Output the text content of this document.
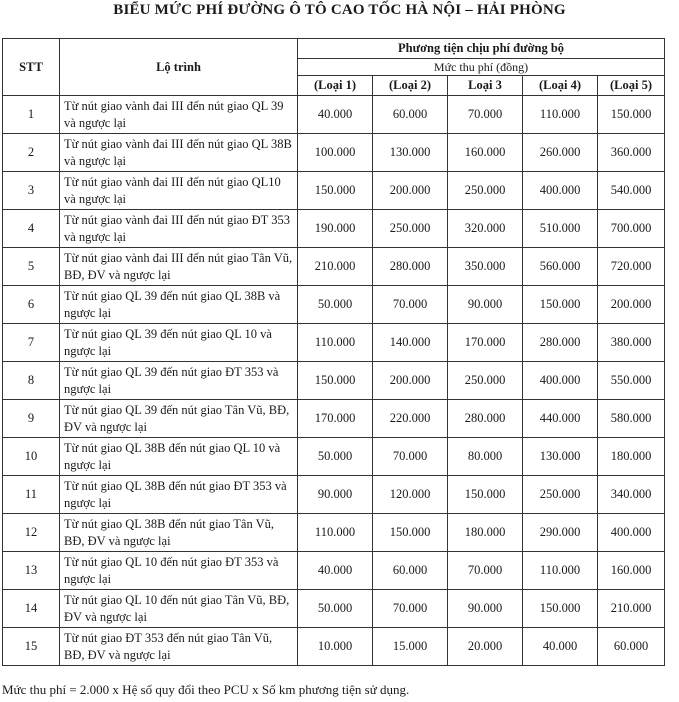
BIỂU MỨC PHÍ ĐƯỜNG Ô TÔ CAO TỐC HÀ NỘI – HẢI PHÒNG
STT	Lộ trình	Phương tiện chịu phí đường bộ				
		Mức thu phí (đồng)				
		(Loại 1)	(Loại 2)	Loại 3	(Loại 4)	(Loại 5)
1	Từ nút giao vành đai III đến nút giao QL 39 và ngược lại	40.000	60.000	70.000	110.000	150.000
2	Từ nút giao vành đai III đến nút giao QL 38B và ngược lại	100.000	130.000	160.000	260.000	360.000
3	Từ nút giao vành đai III đến nút giao QL10 và ngược lại	150.000	200.000	250.000	400.000	540.000
4	Từ nút giao vành đai III đến nút giao ĐT 353 và ngược lại	190.000	250.000	320.000	510.000	700.000
5	Từ nút giao vành đai III đến nút giao Tân Vũ, BĐ, ĐV và ngược lại	210.000	280.000	350.000	560.000	720.000
6	Từ nút giao QL 39 đến nút giao QL 38B và ngược lại	50.000	70.000	90.000	150.000	200.000
7	Từ nút giao QL 39 đến nút giao QL 10 và ngược lại	110.000	140.000	170.000	280.000	380.000
8	Từ nút giao QL 39 đến nút giao ĐT 353 và ngược lại	150.000	200.000	250.000	400.000	550.000
9	Từ nút giao QL 39 đến nút giao Tân Vũ, BĐ, ĐV và ngược lại	170.000	220.000	280.000	440.000	580.000
10	Từ nút giao QL 38B đến nút giao QL 10 và ngược lại	50.000	70.000	80.000	130.000	180.000
11	Từ nút giao QL 38B đến nút giao ĐT 353 và ngược lại	90.000	120.000	150.000	250.000	340.000
12	Từ nút giao QL 38B đến nút giao Tân Vũ, BĐ, ĐV và ngược lại	110.000	150.000	180.000	290.000	400.000
13	Từ nút giao QL 10 đến nút giao ĐT 353 và ngược lại	40.000	60.000	70.000	110.000	160.000
14	Từ nút giao QL 10 đến nút giao Tân Vũ, BĐ, ĐV và ngược lại	50.000	70.000	90.000	150.000	210.000
15	Từ nút giao ĐT 353 đến nút giao Tân Vũ, BĐ, ĐV và ngược lại	10.000	15.000	20.000	40.000	60.000
Mức thu phí = 2.000 x Hệ số quy đổi theo PCU x Số km phương tiện sử dụng.
